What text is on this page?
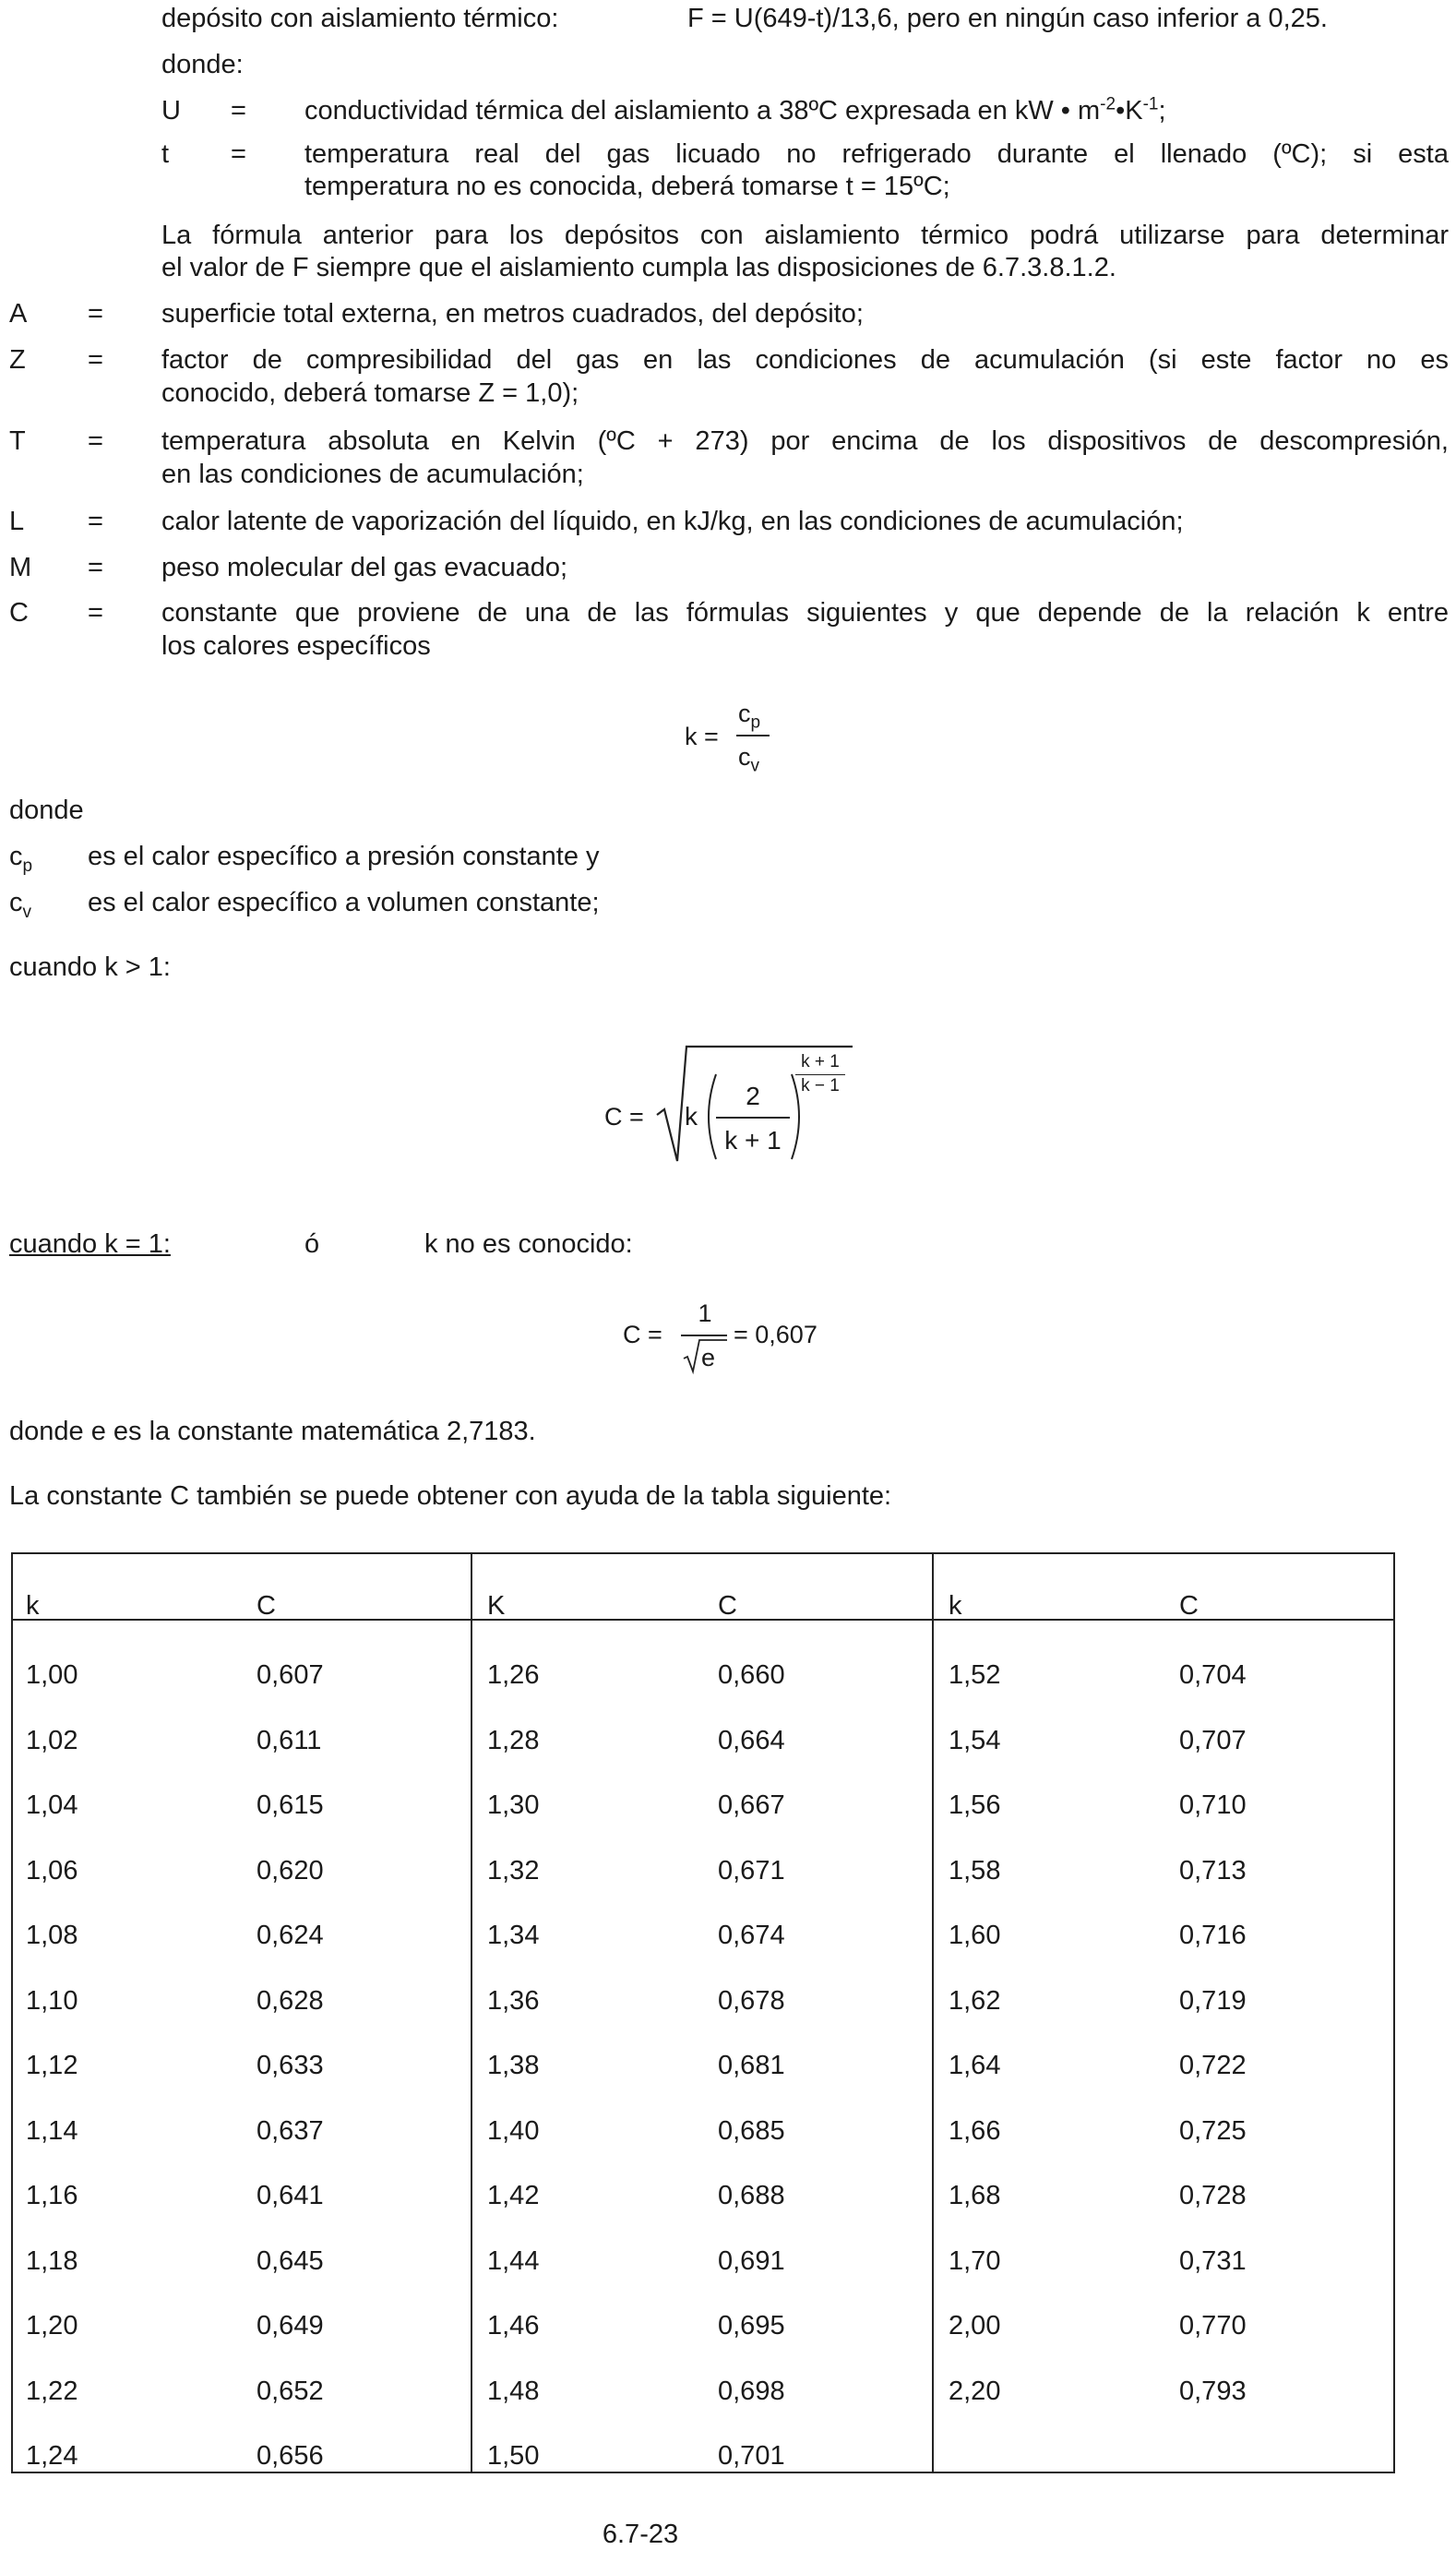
depósito con aislamiento térmico:	F = U(649-t)/13,6, pero en ningún caso inferior a 0,25.
donde:
U = conductividad térmica del aislamiento a 38ºC expresada en kW • $m^{-2}•K^{-1}$;
t = temperatura real del gas licuado no refrigerado durante el llenado (ºC); si esta
temperatura no es conocida, deberá tomarse t = 15ºC;
La fórmula anterior para los depósitos con aislamiento térmico podrá utilizarse para determinar
el valor de F siempre que el aislamiento cumpla las disposiciones de 6.7.3.8.1.2.
A = superficie total externa, en metros cuadrados, del depósito;
Z = factor de compresibilidad del gas en las condiciones de acumulación (si este factor no es
conocido, deberá tomarse Z = 1,0);
T = temperatura absoluta en Kelvin (ºC + 273) por encima de los dispositivos de descompresión,
en las condiciones de acumulación;
L = calor latente de vaporización del líquido, en kJ/kg, en las condiciones de acumulación;
M = peso molecular del gas evacuado;
C = constante que proviene de una de las fórmulas siguientes y que depende de la relación k entre
los calores específicos
k =
$c_p$
$c_v$
donde
$c_p$ es el calor específico a presión constante y
$c_v$ es el calor específico a volumen constante;
cuando k > 1:
C = k
2
k + 1
k + 1
k − 1
cuando k = 1:	ó	k no es conocido:
C =
1
e
= 0,607
donde e es la constante matemática 2,7183.
La constante C también se puede obtener con ayuda de la tabla siguiente:
k	C	K	C	k	C
1,00	0,607	1,26	0,660	1,52	0,704
1,02	0,611	1,28	0,664	1,54	0,707
1,04	0,615	1,30	0,667	1,56	0,710
1,06	0,620	1,32	0,671	1,58	0,713
1,08	0,624	1,34	0,674	1,60	0,716
1,10	0,628	1,36	0,678	1,62	0,719
1,12	0,633	1,38	0,681	1,64	0,722
1,14	0,637	1,40	0,685	1,66	0,725
1,16	0,641	1,42	0,688	1,68	0,728
1,18	0,645	1,44	0,691	1,70	0,731
1,20	0,649	1,46	0,695	2,00	0,770
1,22	0,652	1,48	0,698	2,20	0,793
1,24	0,656	1,50	0,701		
6.7-23
